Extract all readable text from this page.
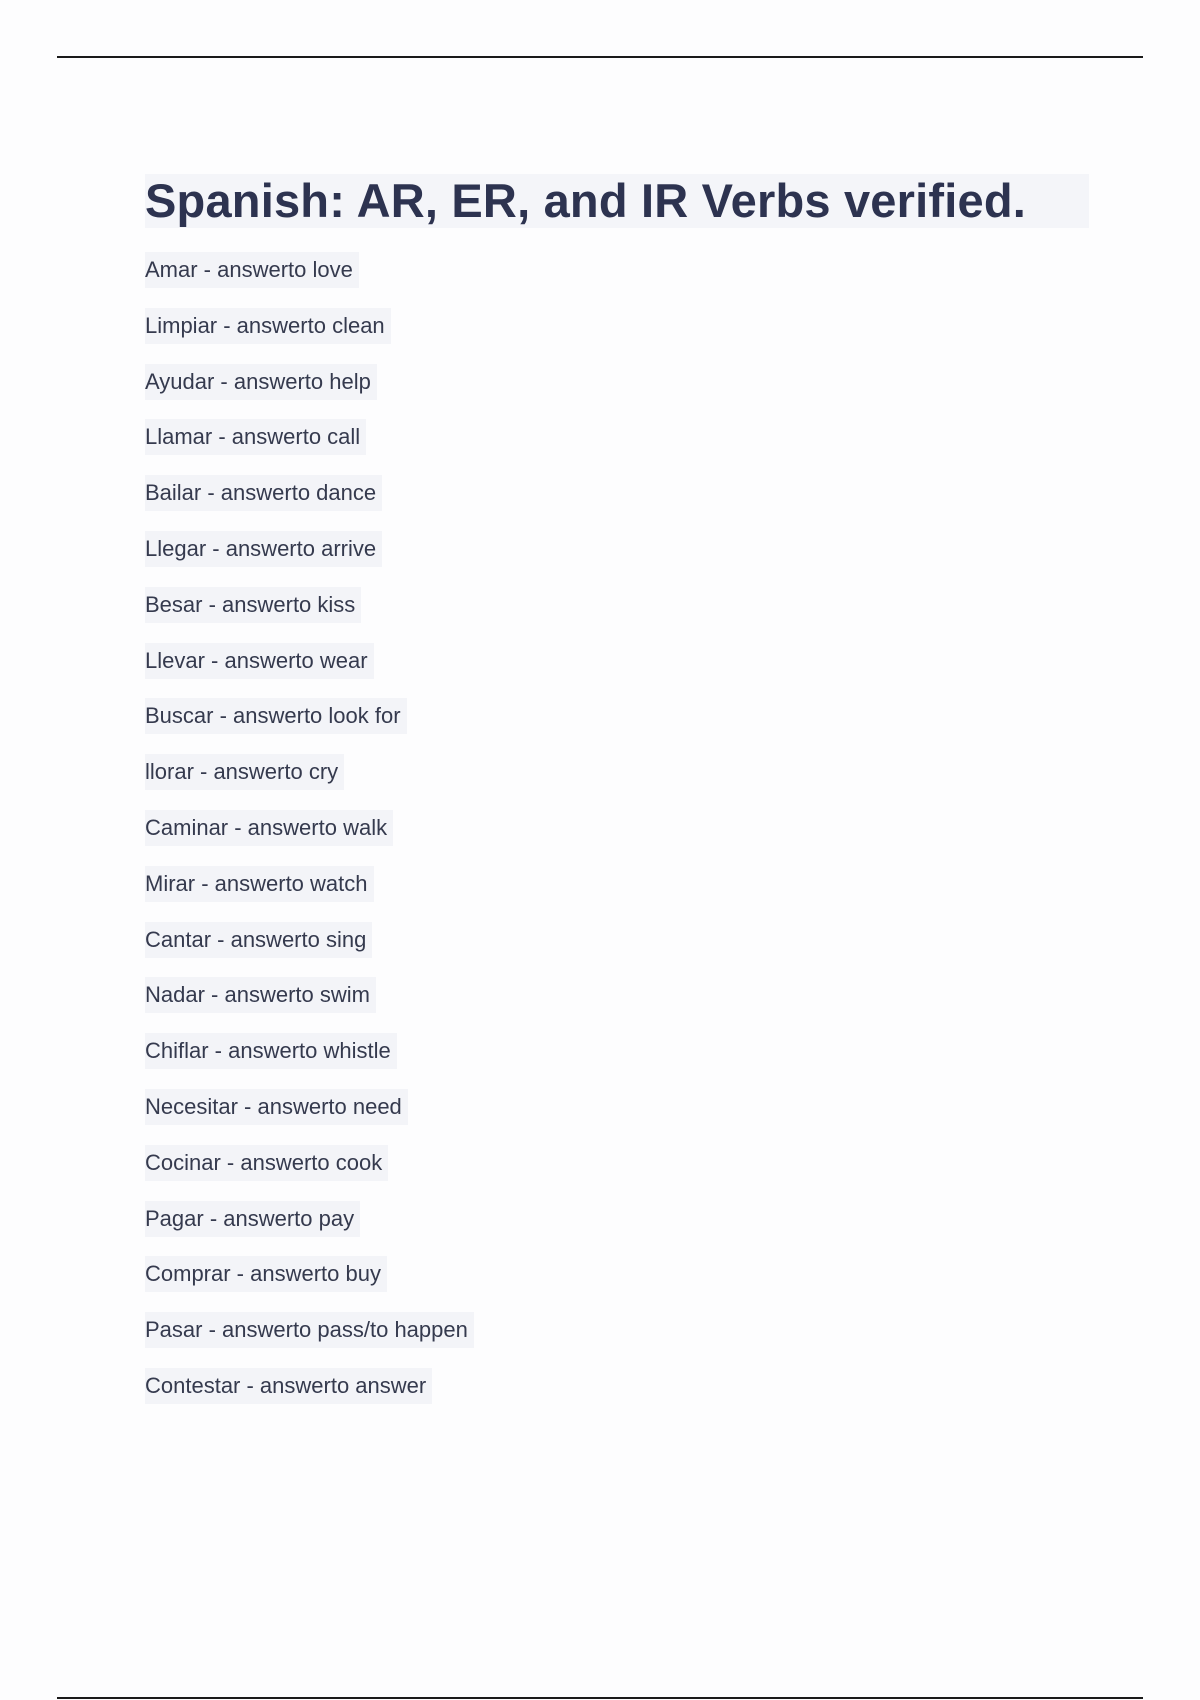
Spanish: AR, ER, and IR Verbs verified.
Amar - answerto love
Limpiar - answerto clean
Ayudar - answerto help
Llamar - answerto call
Bailar - answerto dance
Llegar - answerto arrive
Besar - answerto kiss
Llevar - answerto wear
Buscar - answerto look for
llorar - answerto cry
Caminar - answerto walk
Mirar - answerto watch
Cantar - answerto sing
Nadar - answerto swim
Chiflar - answerto whistle
Necesitar - answerto need
Cocinar - answerto cook
Pagar - answerto pay
Comprar - answerto buy
Pasar - answerto pass/to happen
Contestar - answerto answer
